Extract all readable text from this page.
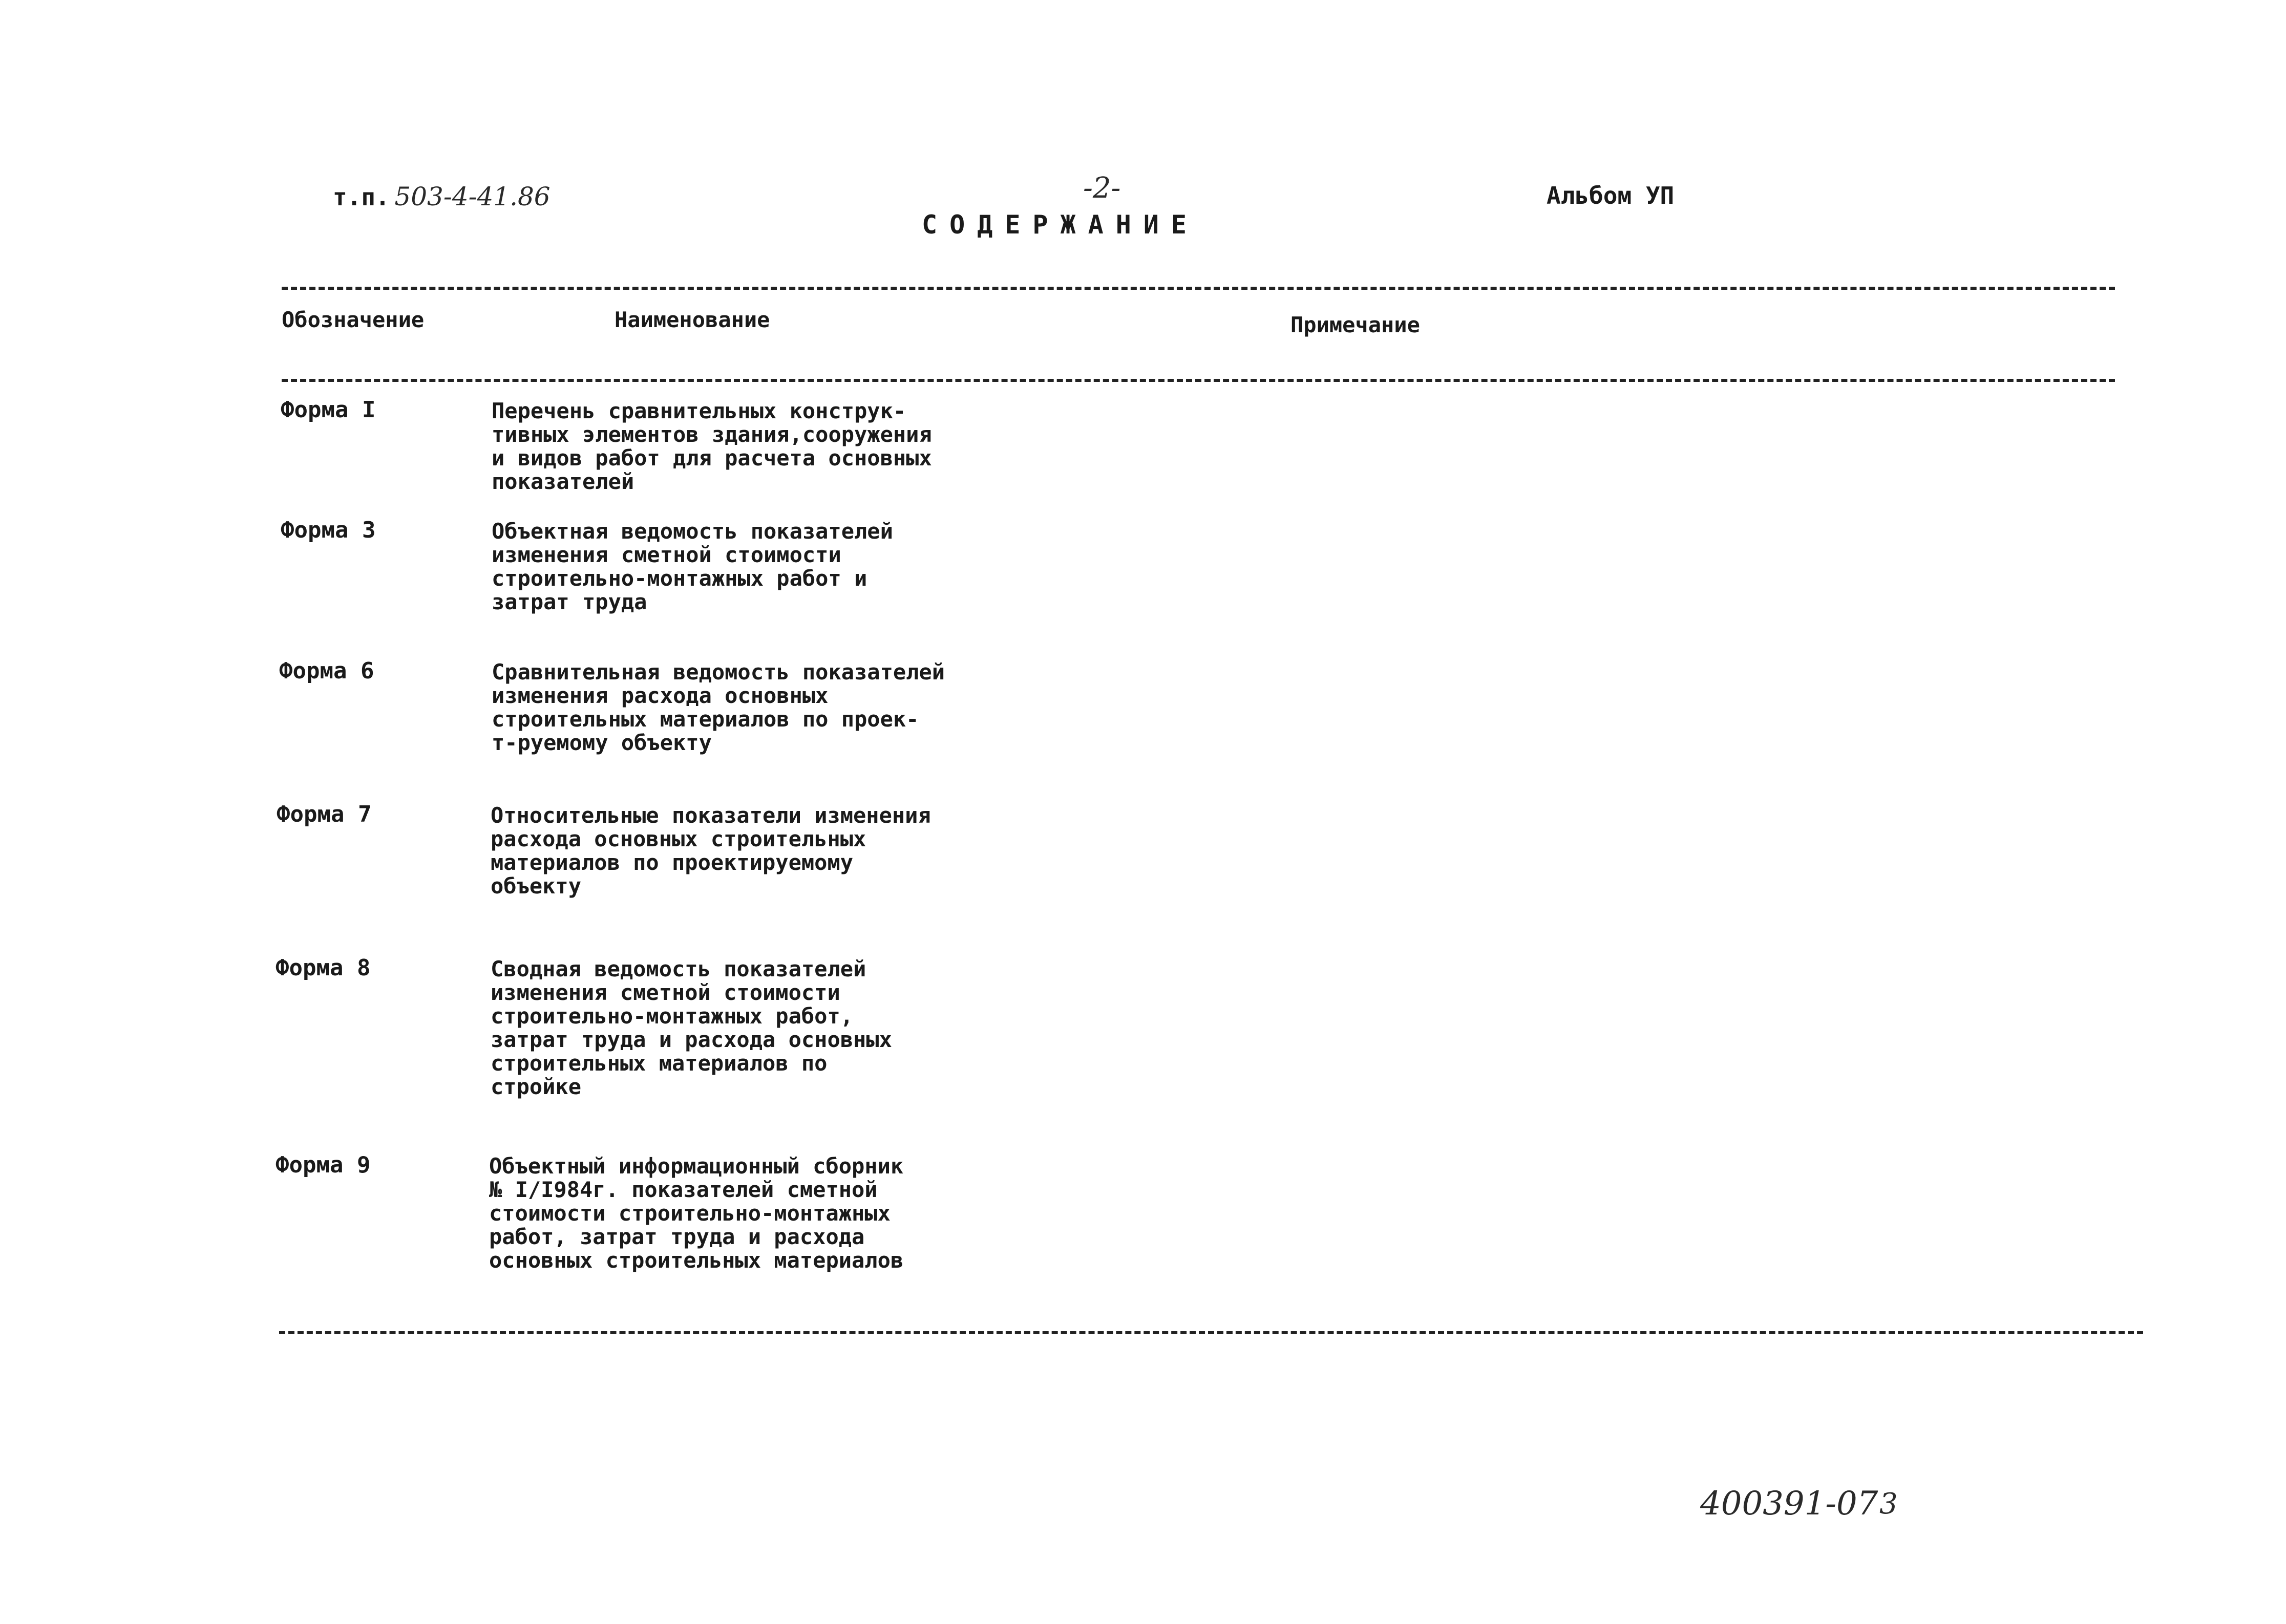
т.п. 503-4-41.86	-2-	Альбом УП
СОДЕРЖАНИЕ
Обозначение	Наименование	Примечание
Форма I	Перечень сравнительных конструк-
тивных элементов здания,сооружения
и видов работ для расчета основных
показателей
Форма 3	Объектная ведомость показателей
изменения сметной стоимости
строительно-монтажных работ и
затрат труда
Форма 6	Сравнительная ведомость показателей
изменения расхода основных
строительных материалов по проек-
т-руемому объекту
Форма 7	Относительные показатели изменения
расхода основных строительных
материалов по проектируемому
объекту
Форма 8	Сводная ведомость показателей
изменения сметной стоимости
строительно-монтажных работ,
затрат труда и расхода основных
строительных материалов по
стройке
Форма 9	Объектный информационный сборник
№ I/I984г. показателей сметной
стоимости строительно-монтажных
работ, затрат труда и расхода
основных строительных материалов
400391-07 3
